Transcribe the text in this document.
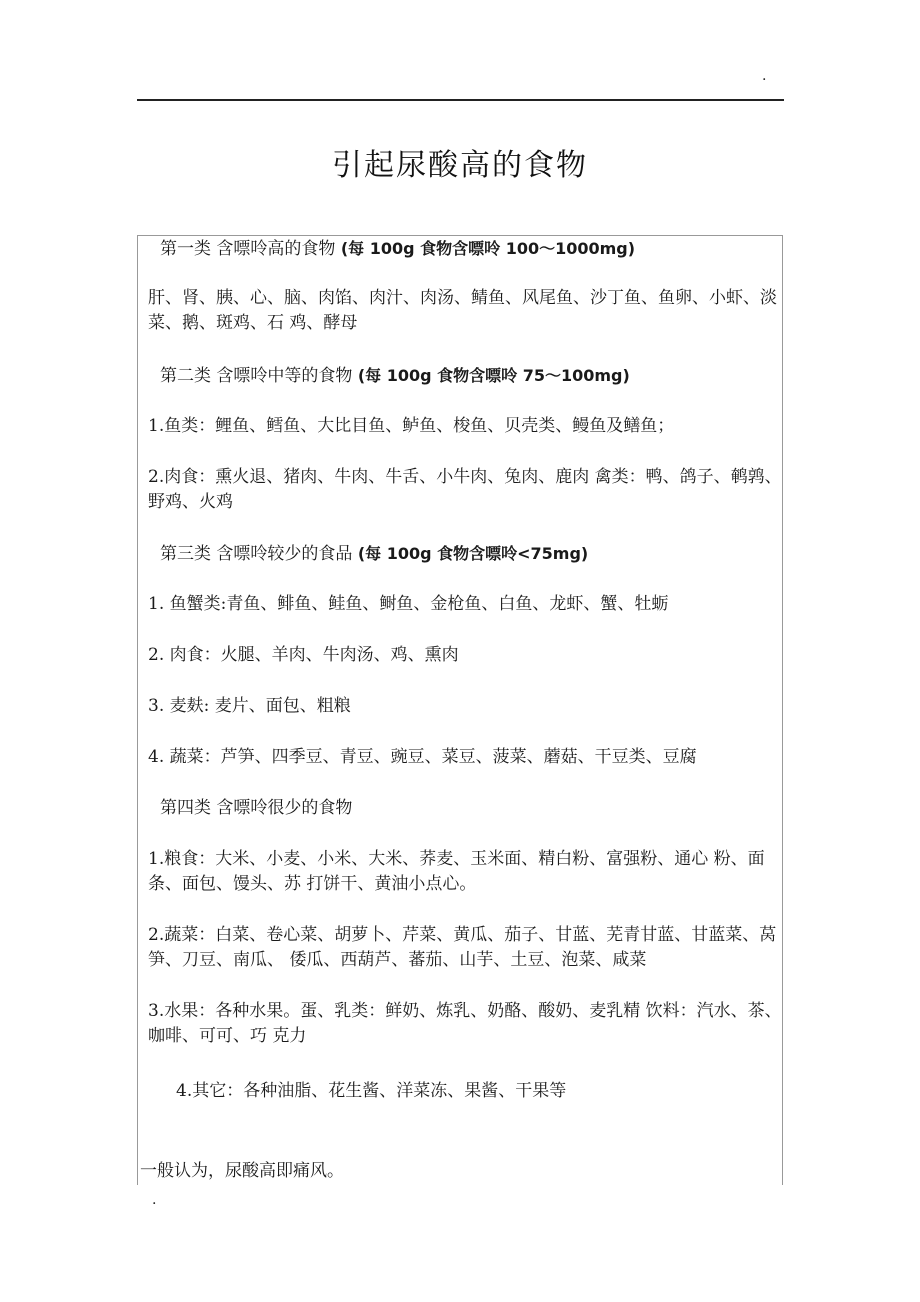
.
引起尿酸高的食物
第一类 含嘌呤高的食物 (每 100g 食物含嘌呤 100～1000mg)
肝、肾、胰、心、脑、肉馅、肉汁、肉汤、鲭鱼、风尾鱼、沙丁鱼、鱼卵、小虾、淡菜、鹅、斑鸡、石 鸡、酵母
第二类 含嘌呤中等的食物 (每 100g 食物含嘌呤 75～100mg)
1.鱼类：鲤鱼、鳕鱼、大比目鱼、鲈鱼、梭鱼、贝壳类、鳗鱼及鳝鱼；
2.肉食：熏火退、猪肉、牛肉、牛舌、小牛肉、兔肉、鹿肉 禽类：鸭、鸽子、鹌鹑、野鸡、火鸡
第三类 含嘌呤较少的食品 (每 100g 食物含嘌呤<75mg)
1. 鱼蟹类:青鱼、鲱鱼、鲑鱼、鲥鱼、金枪鱼、白鱼、龙虾、蟹、牡蛎
2. 肉食：火腿、羊肉、牛肉汤、鸡、熏肉
3. 麦麸: 麦片、面包、粗粮
4. 蔬菜：芦笋、四季豆、青豆、豌豆、菜豆、菠菜、蘑菇、干豆类、豆腐
第四类 含嘌呤很少的食物
1.粮食：大米、小麦、小米、大米、荞麦、玉米面、精白粉、富强粉、通心 粉、面条、面包、馒头、苏 打饼干、黄油小点心。
2.蔬菜：白菜、卷心菜、胡萝卜、芹菜、黄瓜、茄子、甘蓝、芜青甘蓝、甘蓝菜、莴笋、刀豆、南瓜、 倭瓜、西葫芦、蕃茄、山芋、土豆、泡菜、咸菜
3.水果：各种水果。蛋、乳类：鲜奶、炼乳、奶酪、酸奶、麦乳精 饮料：汽水、茶、咖啡、可可、巧 克力
4.其它：各种油脂、花生酱、洋菜冻、果酱、干果等
一般认为，尿酸高即痛风。
.
